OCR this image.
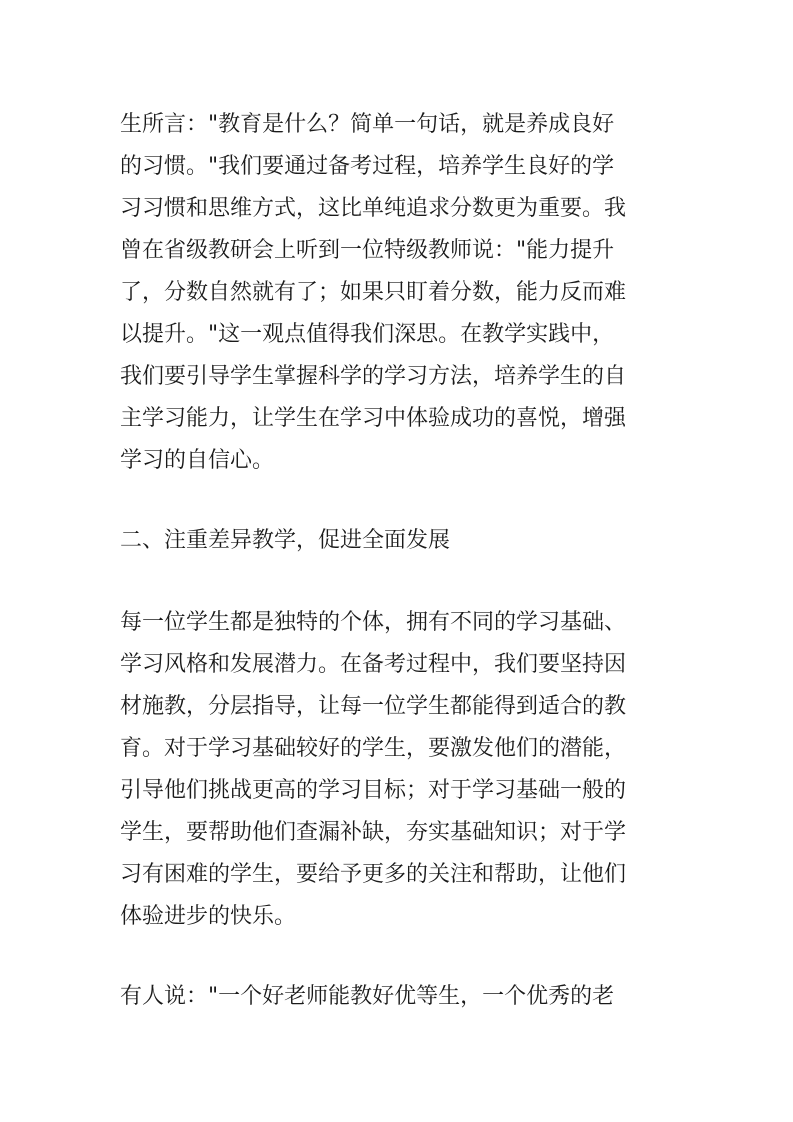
生所言："教育是什么？简单一句话，就是养成良好
的习惯。"我们要通过备考过程，培养学生良好的学
习习惯和思维方式，这比单纯追求分数更为重要。我
曾在省级教研会上听到一位特级教师说："能力提升
了，分数自然就有了；如果只盯着分数，能力反而难
以提升。"这一观点值得我们深思。在教学实践中，
我们要引导学生掌握科学的学习方法，培养学生的自
主学习能力，让学生在学习中体验成功的喜悦，增强
学习的自信心。
二、注重差异教学，促进全面发展
每一位学生都是独特的个体，拥有不同的学习基础、
学习风格和发展潜力。在备考过程中，我们要坚持因
材施教，分层指导，让每一位学生都能得到适合的教
育。对于学习基础较好的学生，要激发他们的潜能，
引导他们挑战更高的学习目标；对于学习基础一般的
学生，要帮助他们查漏补缺，夯实基础知识；对于学
习有困难的学生，要给予更多的关注和帮助，让他们
体验进步的快乐。
有人说："一个好老师能教好优等生，一个优秀的老
